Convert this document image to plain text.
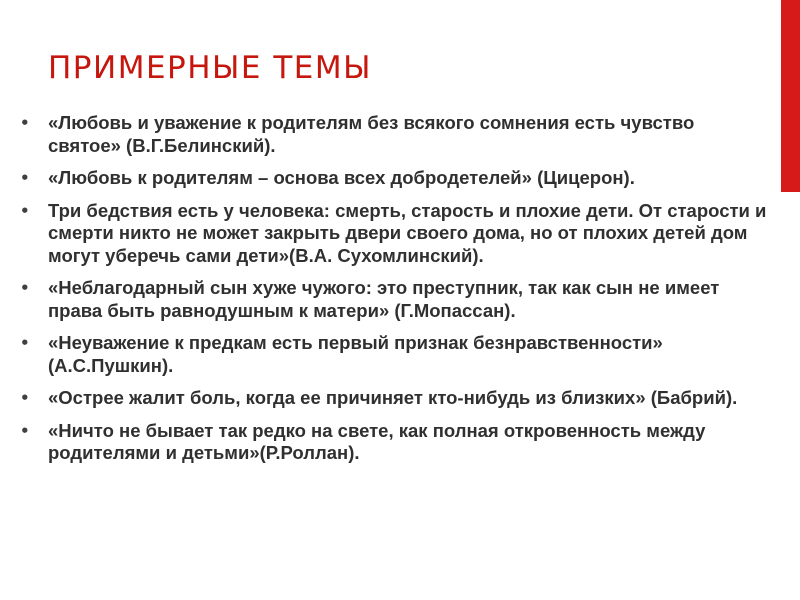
ПРИМЕРНЫЕ ТЕМЫ
• «Любовь и уважение к родителям без всякого сомнения есть чувство святое» (В.Г.Белинский).
• «Любовь к родителям – основа всех добродетелей» (Цицерон).
• Три бедствия есть у человека: смерть, старость и плохие дети. От старости и смерти никто не может закрыть двери своего дома, но от плохих детей дом могут уберечь сами дети»(В.А. Сухомлинский).
• «Неблагодарный сын хуже чужого: это преступник, так как сын не имеет права быть равнодушным к матери» (Г.Мопассан).
• «Неуважение к предкам есть первый признак безнравственности» (А.С.Пушкин).
• «Острее жалит боль, когда ее причиняет кто-нибудь из близких» (Бабрий).
• «Ничто не бывает так редко на свете, как полная откровенность между родителями и детьми»(Р.Роллан).
